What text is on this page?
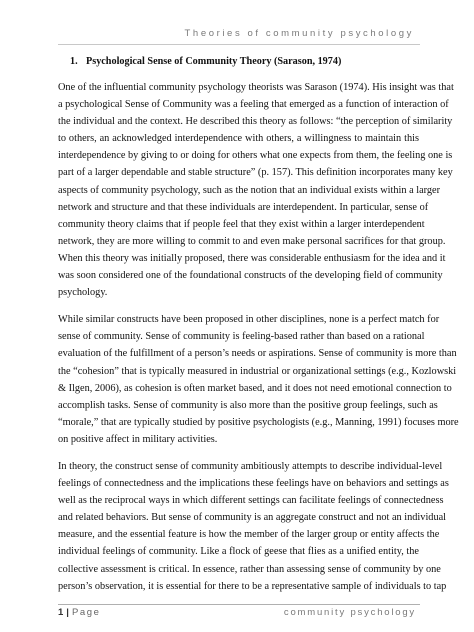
Theories of community psychology
1. Psychological Sense of Community Theory (Sarason, 1974)
One of the influential community psychology theorists was Sarason (1974). His insight was that
a psychological Sense of Community was a feeling that emerged as a function of interaction of
the individual and the context. He described this theory as follows: “the perception of similarity
to others, an acknowledged interdependence with others, a willingness to maintain this
interdependence by giving to or doing for others what one expects from them, the feeling one is
part of a larger dependable and stable structure” (p. 157). This definition incorporates many key
aspects of community psychology, such as the notion that an individual exists within a larger
network and structure and that these individuals are interdependent. In particular, sense of
community theory claims that if people feel that they exist within a larger interdependent
network, they are more willing to commit to and even make personal sacrifices for that group.
When this theory was initially proposed, there was considerable enthusiasm for the idea and it
was soon considered one of the foundational constructs of the developing field of community
psychology.
While similar constructs have been proposed in other disciplines, none is a perfect match for
sense of community. Sense of community is feeling-based rather than based on a rational
evaluation of the fulfillment of a person’s needs or aspirations. Sense of community is more than
the “cohesion” that is typically measured in industrial or organizational settings (e.g., Kozlowski
& Ilgen, 2006), as cohesion is often market based, and it does not need emotional connection to
accomplish tasks. Sense of community is also more than the positive group feelings, such as
“morale,” that are typically studied by positive psychologists (e.g., Manning, 1991) focuses more
on positive affect in military activities.
In theory, the construct sense of community ambitiously attempts to describe individual-level
feelings of connectedness and the implications these feelings have on behaviors and settings as
well as the reciprocal ways in which different settings can facilitate feelings of connectedness
and related behaviors. But sense of community is an aggregate construct and not an individual
measure, and the essential feature is how the member of the larger group or entity affects the
individual feelings of community. Like a flock of geese that flies as a unified entity, the
collective assessment is critical. In essence, rather than assessing sense of community by one
person’s observation, it is essential for there to be a representative sample of individuals to tap
1 | Page	community psychology
